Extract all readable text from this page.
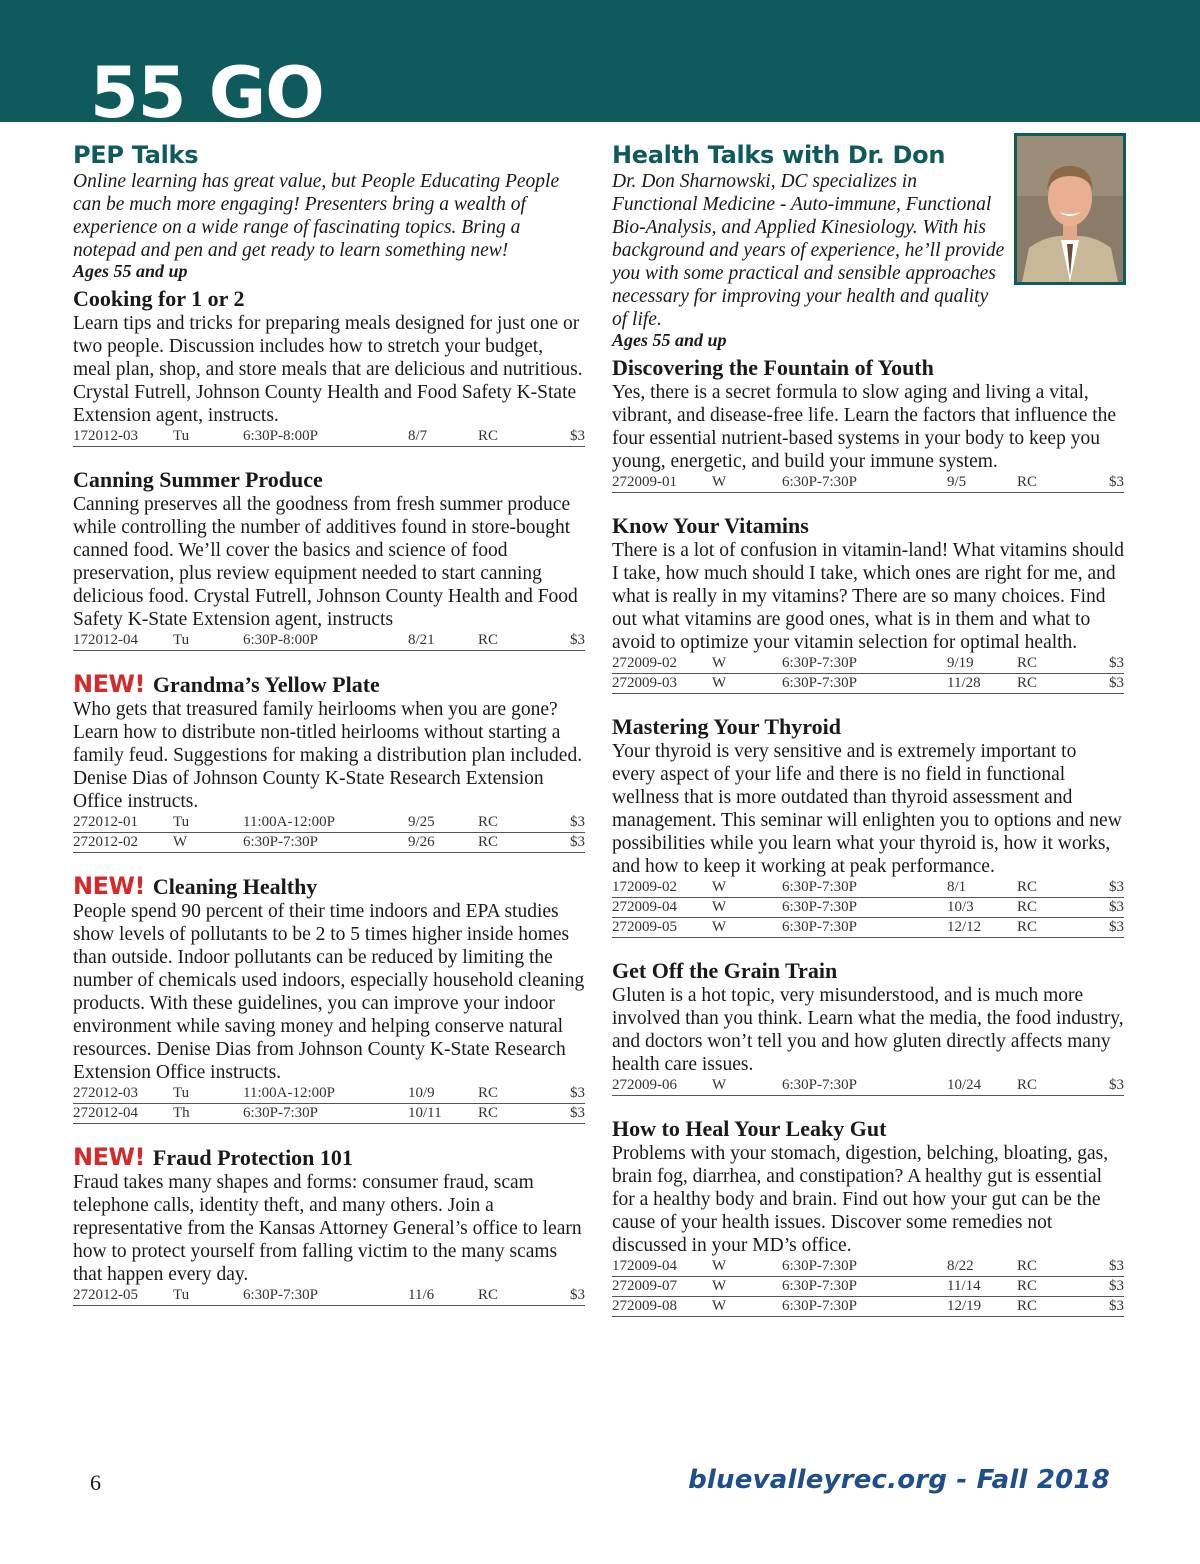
55 GO
PEP Talks

Online learning has great value, but People Educating People can be much more engaging! Presenters bring a wealth of experience on a wide range of fascinating topics. Bring a notepad and pen and get ready to learn something new!

Ages 55 and up

Cooking for 1 or 2

Learn tips and tricks for preparing meals designed for just one or two people. Discussion includes how to stretch your budget, meal plan, shop, and store meals that are delicious and nutritious. Crystal Futrell, Johnson County Health and Food Safety K-State Extension agent, instructs.

172012-03	Tu	6:30P-8:00P	8/7	RC	$3
Canning Summer Produce

Canning preserves all the goodness from fresh summer produce while controlling the number of additives found in store-bought canned food. We’ll cover the basics and science of food preservation, plus review equipment needed to start canning delicious food. Crystal Futrell, Johnson County Health and Food Safety K-State Extension agent, instructs

172012-04	Tu	6:30P-8:00P	8/21	RC	$3
NEW! Grandma’s Yellow Plate

Who gets that treasured family heirlooms when you are gone? Learn how to distribute non-titled heirlooms without starting a family feud. Suggestions for making a distribution plan included. Denise Dias of Johnson County K-State Research Extension Office instructs.

272012-01	Tu	11:00A-12:00P	9/25	RC	$3
272012-02	W	6:30P-7:30P	9/26	RC	$3
NEW! Cleaning Healthy

People spend 90 percent of their time indoors and EPA studies show levels of pollutants to be 2 to 5 times higher inside homes than outside. Indoor pollutants can be reduced by limiting the number of chemicals used indoors, especially household cleaning products. With these guidelines, you can improve your indoor environment while saving money and helping conserve natural resources. Denise Dias from Johnson County K-State Research Extension Office instructs.

272012-03	Tu	11:00A-12:00P	10/9	RC	$3
272012-04	Th	6:30P-7:30P	10/11	RC	$3
NEW! Fraud Protection 101

Fraud takes many shapes and forms: consumer fraud, scam telephone calls, identity theft, and many others. Join a representative from the Kansas Attorney General’s office to learn how to protect yourself from falling victim to the many scams that happen every day.

272012-05	Tu	6:30P-7:30P	11/6	RC	$3
Health Talks with Dr. Don

Dr. Don Sharnowski, DC specializes in Functional Medicine - Auto-immune, Functional Bio-Analysis, and Applied Kinesiology. With his background and years of experience, he’ll provide you with some practical and sensible approaches necessary for improving your health and quality of life.

Ages 55 and up

Discovering the Fountain of Youth

Yes, there is a secret formula to slow aging and living a vital, vibrant, and disease-free life. Learn the factors that influence the four essential nutrient-based systems in your body to keep you young, energetic, and build your immune system.

272009-01	W	6:30P-7:30P	9/5	RC	$3
Know Your Vitamins

There is a lot of confusion in vitamin-land! What vitamins should I take, how much should I take, which ones are right for me, and what is really in my vitamins? There are so many choices. Find out what vitamins are good ones, what is in them and what to avoid to optimize your vitamin selection for optimal health.

272009-02	W	6:30P-7:30P	9/19	RC	$3
272009-03	W	6:30P-7:30P	11/28	RC	$3
Mastering Your Thyroid

Your thyroid is very sensitive and is extremely important to every aspect of your life and there is no field in functional wellness that is more outdated than thyroid assessment and management. This seminar will enlighten you to options and new possibilities while you learn what your thyroid is, how it works, and how to keep it working at peak performance.

172009-02	W	6:30P-7:30P	8/1	RC	$3
272009-04	W	6:30P-7:30P	10/3	RC	$3
272009-05	W	6:30P-7:30P	12/12	RC	$3
Get Off the Grain Train

Gluten is a hot topic, very misunderstood, and is much more involved than you think. Learn what the media, the food industry, and doctors won’t tell you and how gluten directly affects many health care issues.

272009-06	W	6:30P-7:30P	10/24	RC	$3
How to Heal Your Leaky Gut

Problems with your stomach, digestion, belching, bloating, gas, brain fog, diarrhea, and constipation? A healthy gut is essential for a healthy body and brain. Find out how your gut can be the cause of your health issues. Discover some remedies not discussed in your MD’s office.

172009-04	W	6:30P-7:30P	8/22	RC	$3
272009-07	W	6:30P-7:30P	11/14	RC	$3
272009-08	W	6:30P-7:30P	12/19	RC	$3
6	bluevalleyrec.org - Fall 2018
